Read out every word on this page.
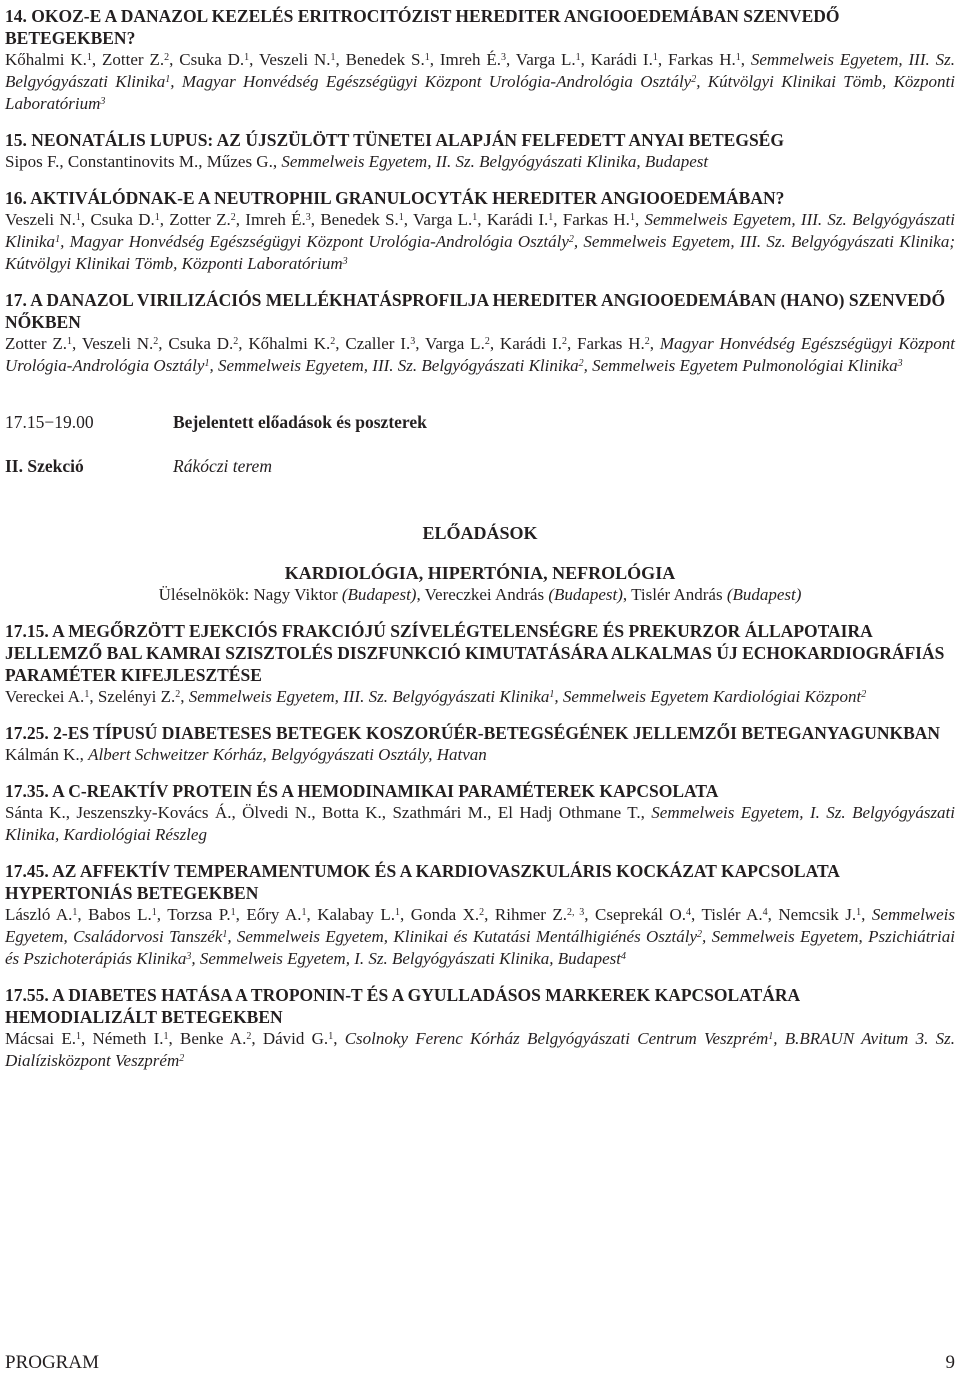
14. OKOZ-E A DANAZOL KEZELÉS ERITROCITÓZIST HEREDITER ANGIOOEDEMÁBAN SZENVEDŐ BETEGEKBEN?
Kőhalmi K.$^1$, Zotter Z.$^2$, Csuka D.$^1$, Veszeli N.$^1$, Benedek S.$^1$, Imreh É.$^3$, Varga L.$^1$, Karádi I.$^1$, Farkas H.$^1$, Semmelweis Egyetem, III. Sz. Belgyógyászati Klinika$^1$, Magyar Honvédség Egészségügyi Központ Urológia-Andrológia Osztály$^2$, Kútvölgyi Klinikai Tömb, Központi Laboratórium$^3$
15. NEONATÁLIS LUPUS: AZ ÚJSZÜLÖTT TÜNETEI ALAPJÁN FELFEDETT ANYAI BETEGSÉG
Sipos F., Constantinovits M., Műzes G., Semmelweis Egyetem, II. Sz. Belgyógyászati Klinika, Budapest
16. AKTIVÁLÓDNAK-E A NEUTROPHIL GRANULOCYTÁK HEREDITER ANGIOOEDEMÁBAN?
Veszeli N.$^1$, Csuka D.$^1$, Zotter Z.$^2$, Imreh É.$^3$, Benedek S.$^1$, Varga L.$^1$, Karádi I.$^1$, Farkas H.$^1$, Semmelweis Egyetem, III. Sz. Belgyógyászati Klinika$^1$, Magyar Honvédség Egészségügyi Központ Urológia-Andrológia Osztály$^2$, Semmelweis Egyetem, III. Sz. Belgyógyászati Klinika; Kútvölgyi Klinikai Tömb, Központi Laboratórium$^3$
17. A DANAZOL VIRILIZÁCIÓS MELLÉKHATÁSPROFILJA HEREDITER ANGIOOEDEMÁBAN (HANO) SZENVEDŐ NŐKBEN
Zotter Z.$^1$, Veszeli N.$^2$, Csuka D.$^2$, Kőhalmi K.$^2$, Czaller I.$^3$, Varga L.$^2$, Karádi I.$^2$, Farkas H.$^2$, Magyar Honvédség Egészségügyi Központ Urológia-Andrológia Osztály$^1$, Semmelweis Egyetem, III. Sz. Belgyógyászati Klinika$^2$, Semmelweis Egyetem Pulmonológiai Klinika$^3$
17.15−19.00	Bejelentett előadások és poszterek
II. Szekció	Rákóczi terem
ELŐADÁSOK
KARDIOLÓGIA, HIPERTÓNIA, NEFROLÓGIA
Üléselnökök: Nagy Viktor (Budapest), Vereczkei András (Budapest), Tislér András (Budapest)
17.15. A MEGŐRZÖTT EJEKCIÓS FRAKCIÓJÚ SZÍVELÉGTELENSÉGRE ÉS PREKURZOR ÁLLAPOTAIRA JELLEMZŐ BAL KAMRAI SZISZTOLÉS DISZFUNKCIÓ KIMUTATÁSÁRA ALKALMAS ÚJ ECHOKARDIOGRÁFIÁS PARAMÉTER KIFEJLESZTÉSE
Vereckei A.$^1$, Szelényi Z.$^2$, Semmelweis Egyetem, III. Sz. Belgyógyászati Klinika$^1$, Semmelweis Egyetem Kardiológiai Központ$^2$
17.25. 2-ES TÍPUSÚ DIABETESES BETEGEK KOSZORÚÉR-BETEGSÉGÉNEK JELLEMZŐI BETEGANYAGUNKBAN
Kálmán K., Albert Schweitzer Kórház, Belgyógyászati Osztály, Hatvan
17.35. A C-REAKTÍV PROTEIN ÉS A HEMODINAMIKAI PARAMÉTEREK KAPCSOLATA
Sánta K., Jeszenszky-Kovács Á., Ölvedi N., Botta K., Szathmári M., El Hadj Othmane T., Semmelweis Egyetem, I. Sz. Belgyógyászati Klinika, Kardiológiai Részleg
17.45. AZ AFFEKTÍV TEMPERAMENTUMOK ÉS A KARDIOVASZKULÁRIS KOCKÁZAT KAPCSOLATA HYPERTONIÁS BETEGEKBEN
László A.$^1$, Babos L.$^1$, Torzsa P.$^1$, Eőry A.$^1$, Kalabay L.$^1$, Gonda X.$^2$, Rihmer Z.$^{2, 3}$, Cseprekál O.$^4$, Tislér A.$^4$, Nemcsik J.$^1$, Semmelweis Egyetem, Családorvosi Tanszék$^1$, Semmelweis Egyetem, Klinikai és Kutatási Mentálhigiénés Osztály$^2$, Semmelweis Egyetem, Pszichiátriai és Pszichoterápiás Klinika$^3$, Semmelweis Egyetem, I. Sz. Belgyógyászati Klinika, Budapest$^4$
17.55. A DIABETES HATÁSA A TROPONIN-T ÉS A GYULLADÁSOS MARKEREK KAPCSOLATÁRA HEMODIALIZÁLT BETEGEKBEN
Mácsai E.$^1$, Németh I.$^1$, Benke A.$^2$, Dávid G.$^1$, Csolnoky Ferenc Kórház Belgyógyászati Centrum Veszprém$^1$, B.BRAUN Avitum 3. Sz. Dialízisközpont Veszprém$^2$
PROGRAM	9
